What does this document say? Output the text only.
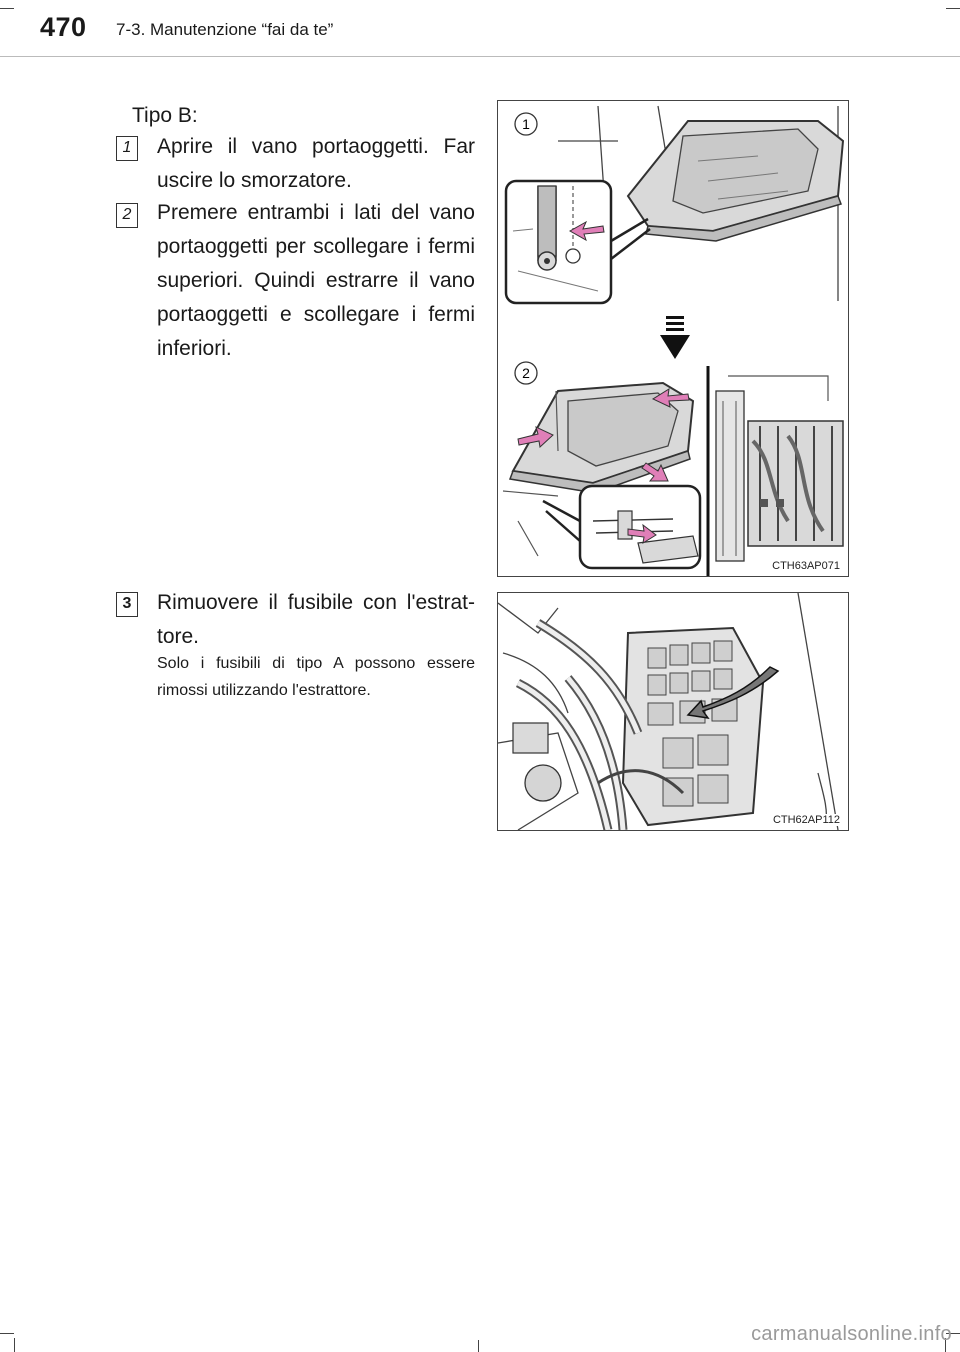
470 7-3. Manutenzione “fai da te”
Tipo B:
1	Aprire il vano portaoggetti. Far uscire lo smorzatore.
2	Premere entrambi i lati del vano portaoggetti per scollegare i fermi superiori. Quindi estrarre il vano portaoggetti e scollegare i fermi inferiori.
3	Rimuovere il fusibile con l'estrat-tore.
Solo i fusibili di tipo A possono essere rimossi utilizzando l'estrattore.
1
2
CTH63AP071
CTH62AP112
carmanualsonline.info
